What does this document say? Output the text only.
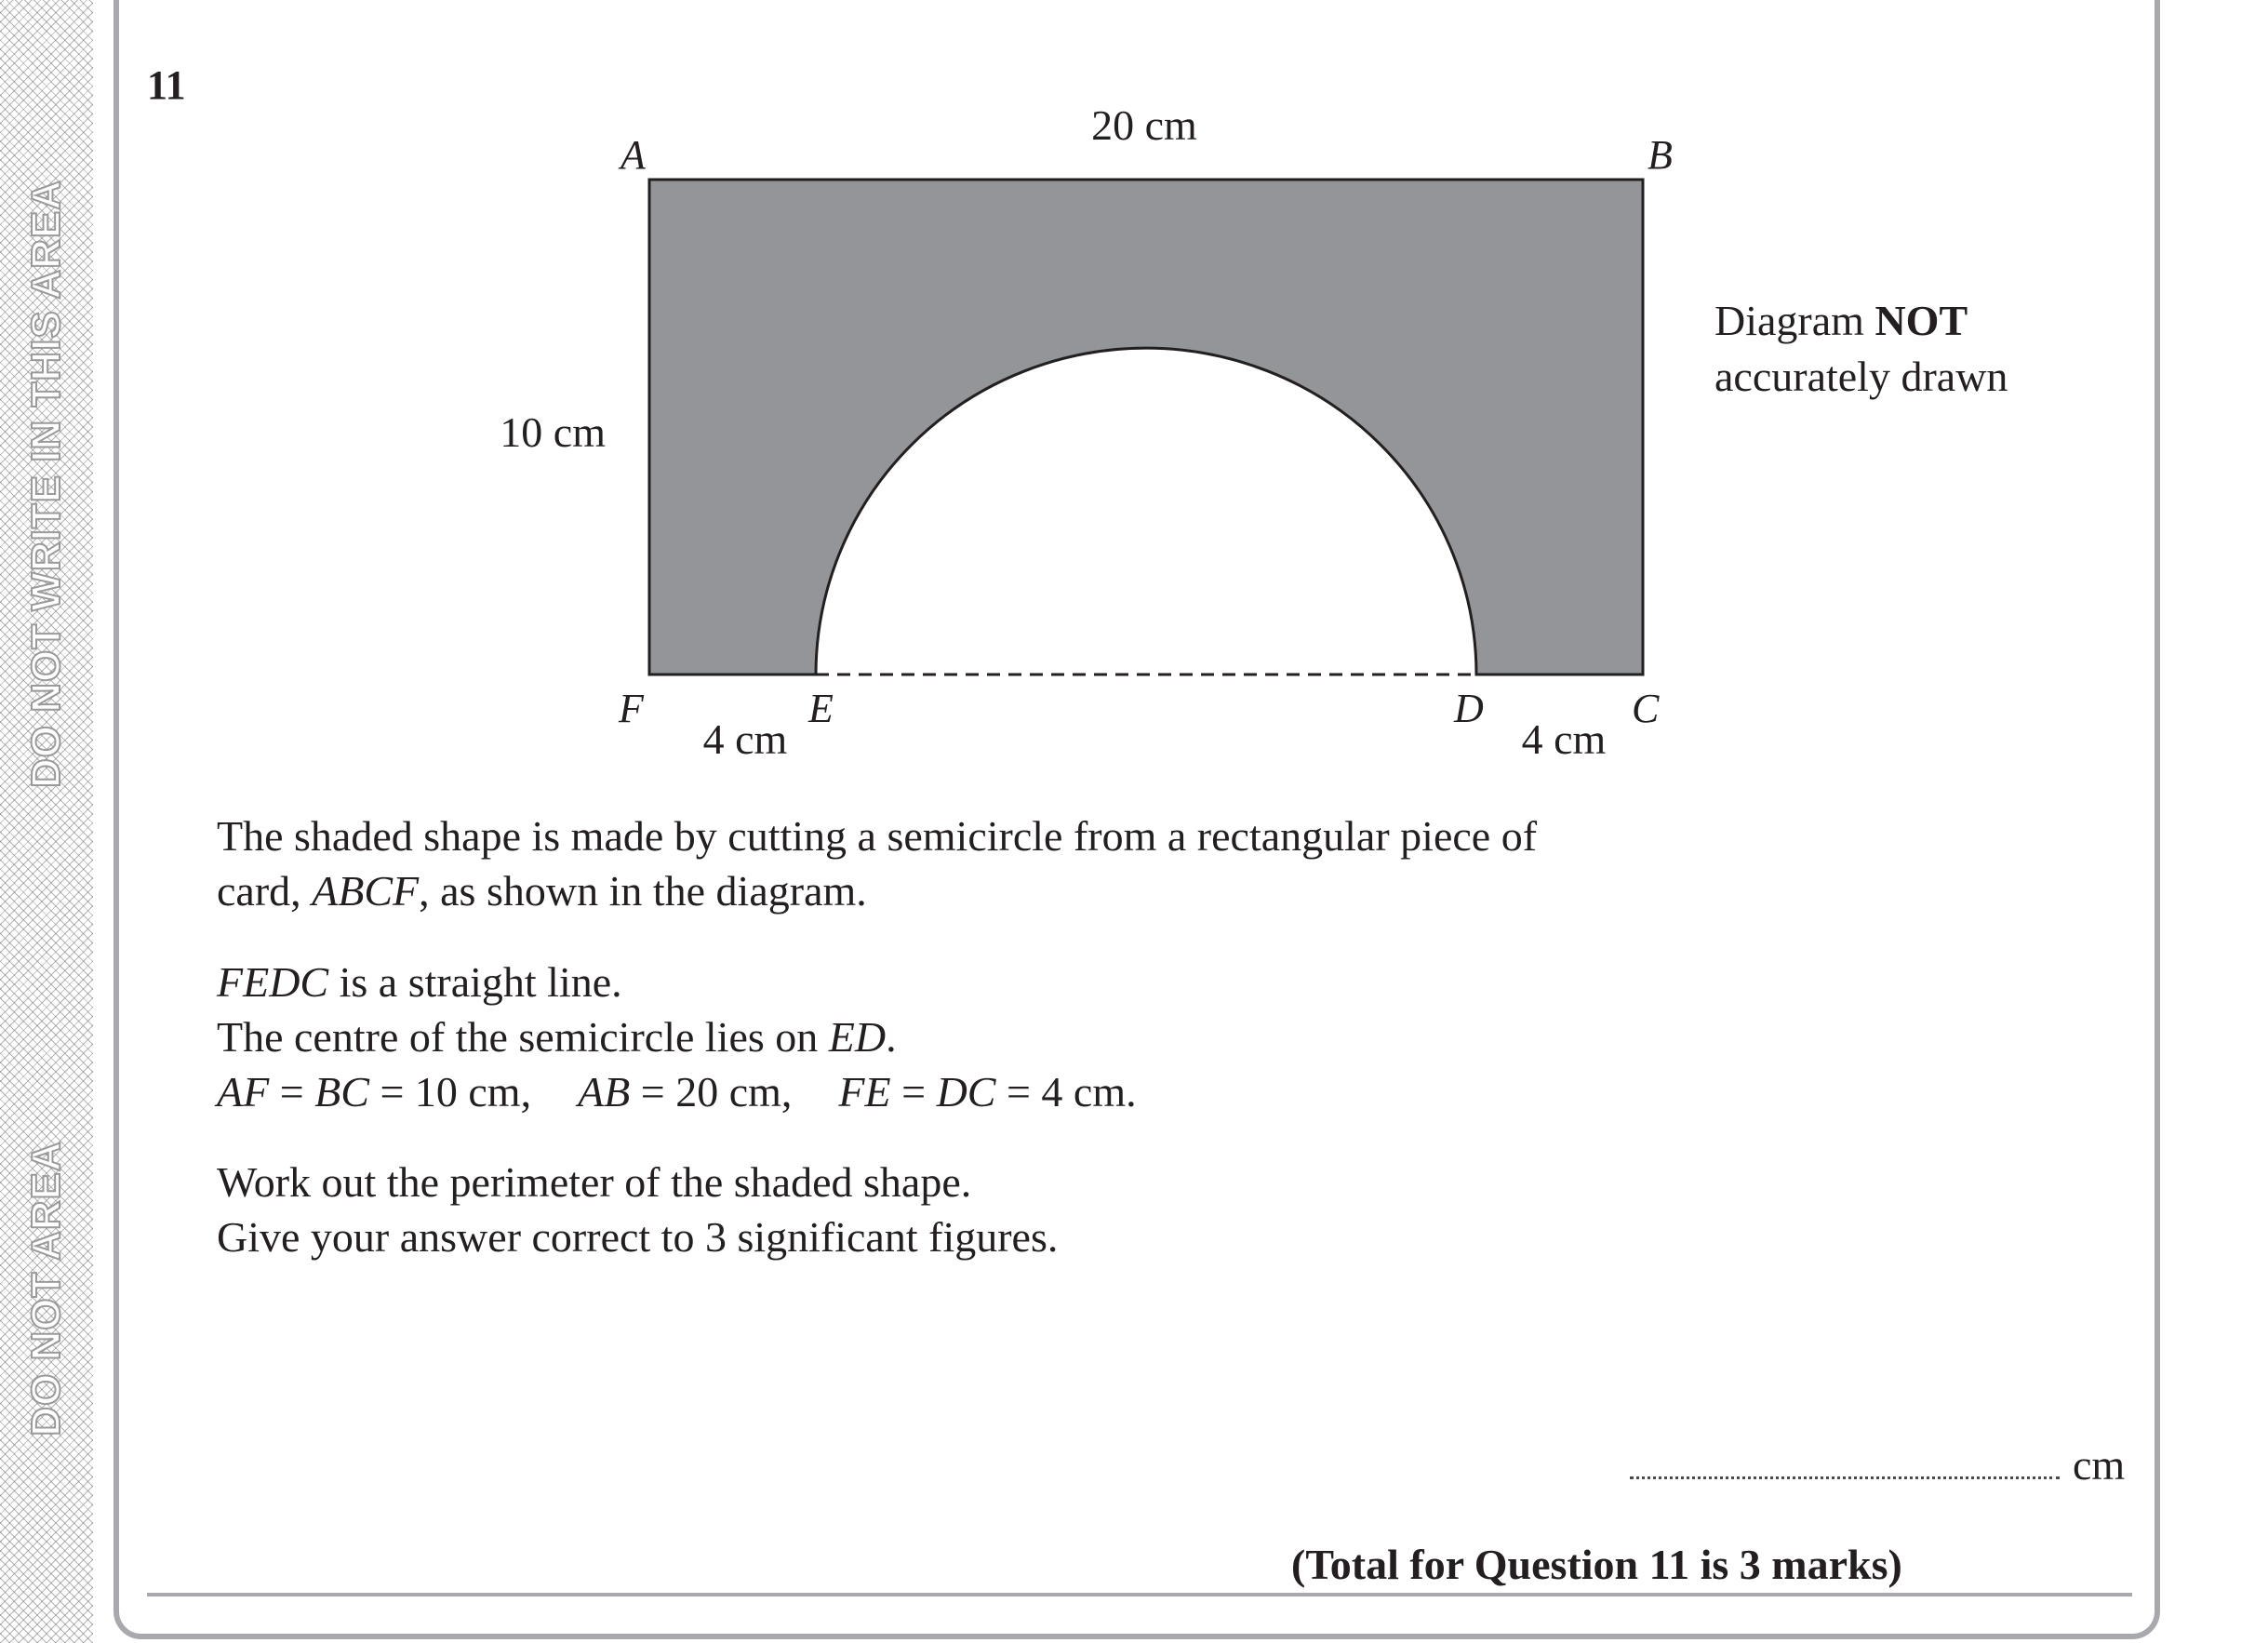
DO NOT WRITE IN THIS AREA
DO NOT AREA
11
A	B
F	E	D	C
20 cm
10 cm
4 cm	4 cm
Diagram NOT
accurately drawn
The shaded shape is made by cutting a semicircle from a rectangular piece of
card, ABCF, as shown in the diagram.
FEDC is a straight line.
The centre of the semicircle lies on ED.
AF = BC = 10 cm, AB = 20 cm, FE = DC = 4 cm.
Work out the perimeter of the shaded shape.
Give your answer correct to 3 significant figures.
cm
(Total for Question 11 is 3 marks)
